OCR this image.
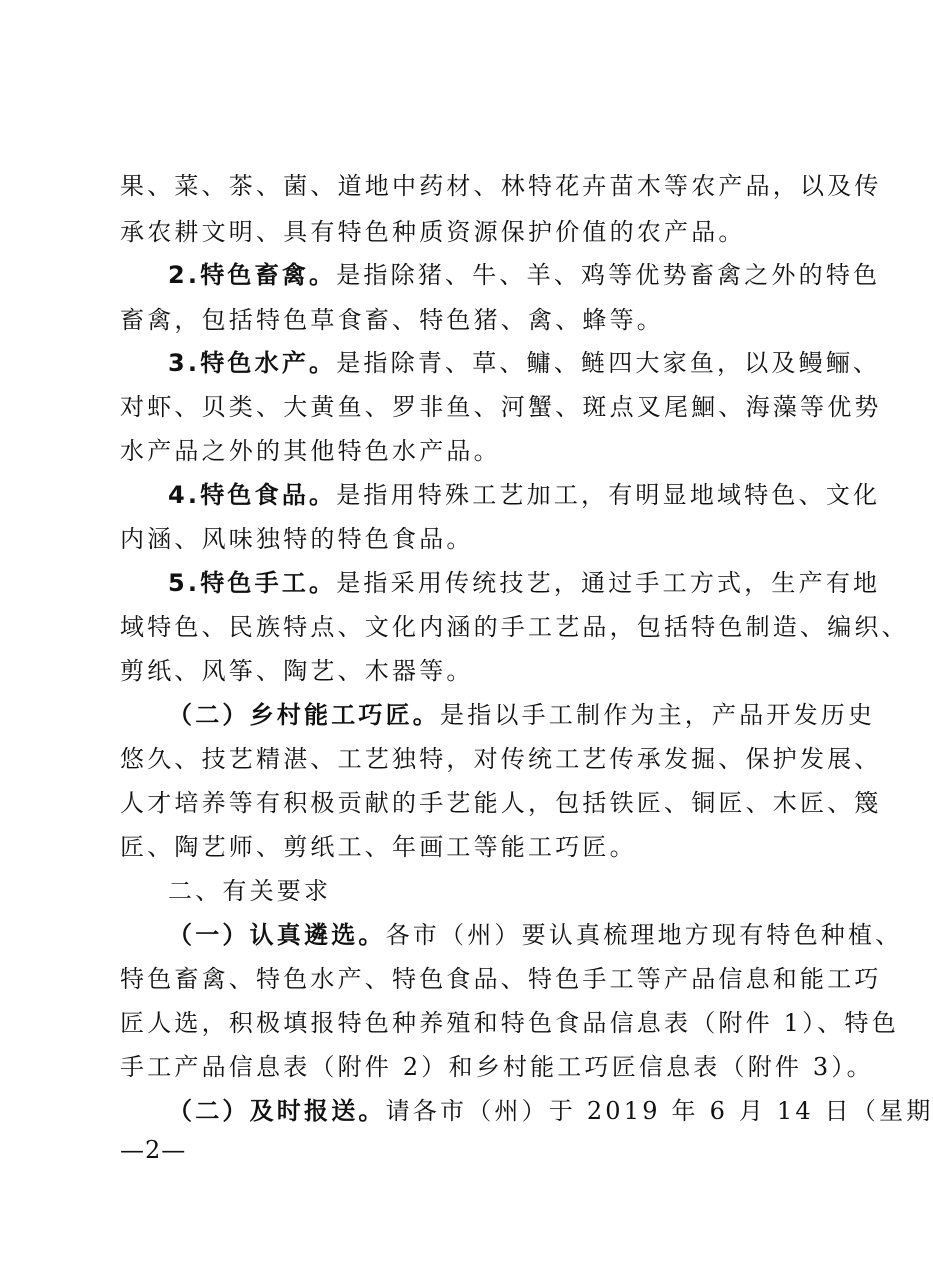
果、菜、茶、菌、道地中药材、林特花卉苗木等农产品，以及传
承农耕文明、具有特色种质资源保护价值的农产品。
2.特色畜禽。是指除猪、牛、羊、鸡等优势畜禽之外的特色
畜禽，包括特色草食畜、特色猪、禽、蜂等。
3.特色水产。是指除青、草、鳙、鲢四大家鱼，以及鳗鲡、
对虾、贝类、大黄鱼、罗非鱼、河蟹、斑点叉尾鮰、海藻等优势
水产品之外的其他特色水产品。
4.特色食品。是指用特殊工艺加工，有明显地域特色、文化
内涵、风味独特的特色食品。
5.特色手工。是指采用传统技艺，通过手工方式，生产有地
域特色、民族特点、文化内涵的手工艺品，包括特色制造、编织、
剪纸、风筝、陶艺、木器等。
（二）乡村能工巧匠。是指以手工制作为主，产品开发历史
悠久、技艺精湛、工艺独特，对传统工艺传承发掘、保护发展、
人才培养等有积极贡献的手艺能人，包括铁匠、铜匠、木匠、篾
匠、陶艺师、剪纸工、年画工等能工巧匠。
二、有关要求
（一）认真遴选。各市（州）要认真梳理地方现有特色种植、
特色畜禽、特色水产、特色食品、特色手工等产品信息和能工巧
匠人选，积极填报特色种养殖和特色食品信息表（附件 1）、特色
手工产品信息表（附件 2）和乡村能工巧匠信息表（附件 3）。
（二）及时报送。请各市（州）于 2019 年 6 月 14 日（星期
—2—
